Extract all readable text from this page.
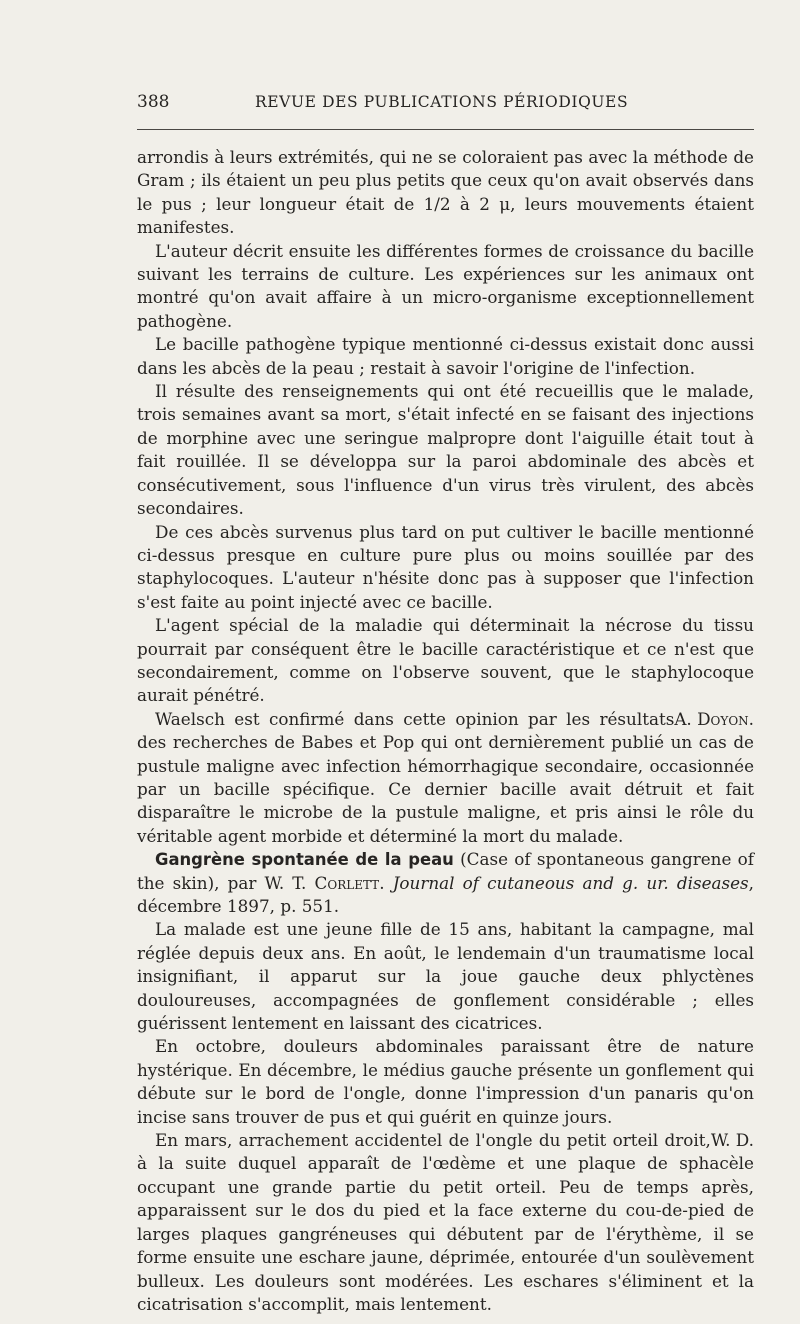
388	REVUE DES PUBLICATIONS PÉRIODIQUES

arrondis à leurs extrémités, qui ne se coloraient pas avec la méthode de Gram ; ils étaient un peu plus petits que ceux qu'on avait observés dans le pus ; leur longueur était de 1/2 à 2 μ, leurs mouvements étaient manifestes.

L'auteur décrit ensuite les différentes formes de croissance du bacille suivant les terrains de culture. Les expériences sur les animaux ont montré qu'on avait affaire à un micro-organisme exceptionnellement pathogène.

Le bacille pathogène typique mentionné ci-dessus existait donc aussi dans les abcès de la peau ; restait à savoir l'origine de l'infection.

Il résulte des renseignements qui ont été recueillis que le malade, trois semaines avant sa mort, s'était infecté en se faisant des injections de morphine avec une seringue malpropre dont l'aiguille était tout à fait rouillée. Il se développa sur la paroi abdominale des abcès et consécutivement, sous l'influence d'un virus très virulent, des abcès secondaires.

De ces abcès survenus plus tard on put cultiver le bacille mentionné ci-dessus presque en culture pure plus ou moins souillée par des staphylocoques. L'auteur n'hésite donc pas à supposer que l'infection s'est faite au point injecté avec ce bacille.

L'agent spécial de la maladie qui déterminait la nécrose du tissu pourrait par conséquent être le bacille caractéristique et ce n'est que secondairement, comme on l'observe souvent, que le staphylocoque aurait pénétré.

A. Doyon.
Waelsch est confirmé dans cette opinion par les résultats des recherches de Babes et Pop qui ont dernièrement publié un cas de pustule maligne avec infection hémorrhagique secondaire, occasionnée par un bacille spécifique. Ce dernier bacille avait détruit et fait disparaître le microbe de la pustule maligne, et pris ainsi le rôle du véritable agent morbide et déterminé la mort du malade.

Gangrène spontanée de la peau (Case of spontaneous gangrene of the skin), par W. T. Corlett. Journal of cutaneous and g. ur. diseases, décembre 1897, p. 551.

La malade est une jeune fille de 15 ans, habitant la campagne, mal réglée depuis deux ans. En août, le lendemain d'un traumatisme local insignifiant, il apparut sur la joue gauche deux phlyctènes douloureuses, accompagnées de gonflement considérable ; elles guérissent lentement en laissant des cicatrices.

En octobre, douleurs abdominales paraissant être de nature hystérique. En décembre, le médius gauche présente un gonflement qui débute sur le bord de l'ongle, donne l'impression d'un panaris qu'on incise sans trouver de pus et qui guérit en quinze jours.

W. D.
En mars, arrachement accidentel de l'ongle du petit orteil droit, à la suite duquel apparaît de l'œdème et une plaque de sphacèle occupant une grande partie du petit orteil. Peu de temps après, apparaissent sur le dos du pied et la face externe du cou-de-pied de larges plaques gangréneuses qui débutent par de l'érythème, il se forme ensuite une eschare jaune, déprimée, entourée d'un soulèvement bulleux. Les douleurs sont modérées. Les eschares s'éliminent et la cicatrisation s'accomplit, mais lentement.
